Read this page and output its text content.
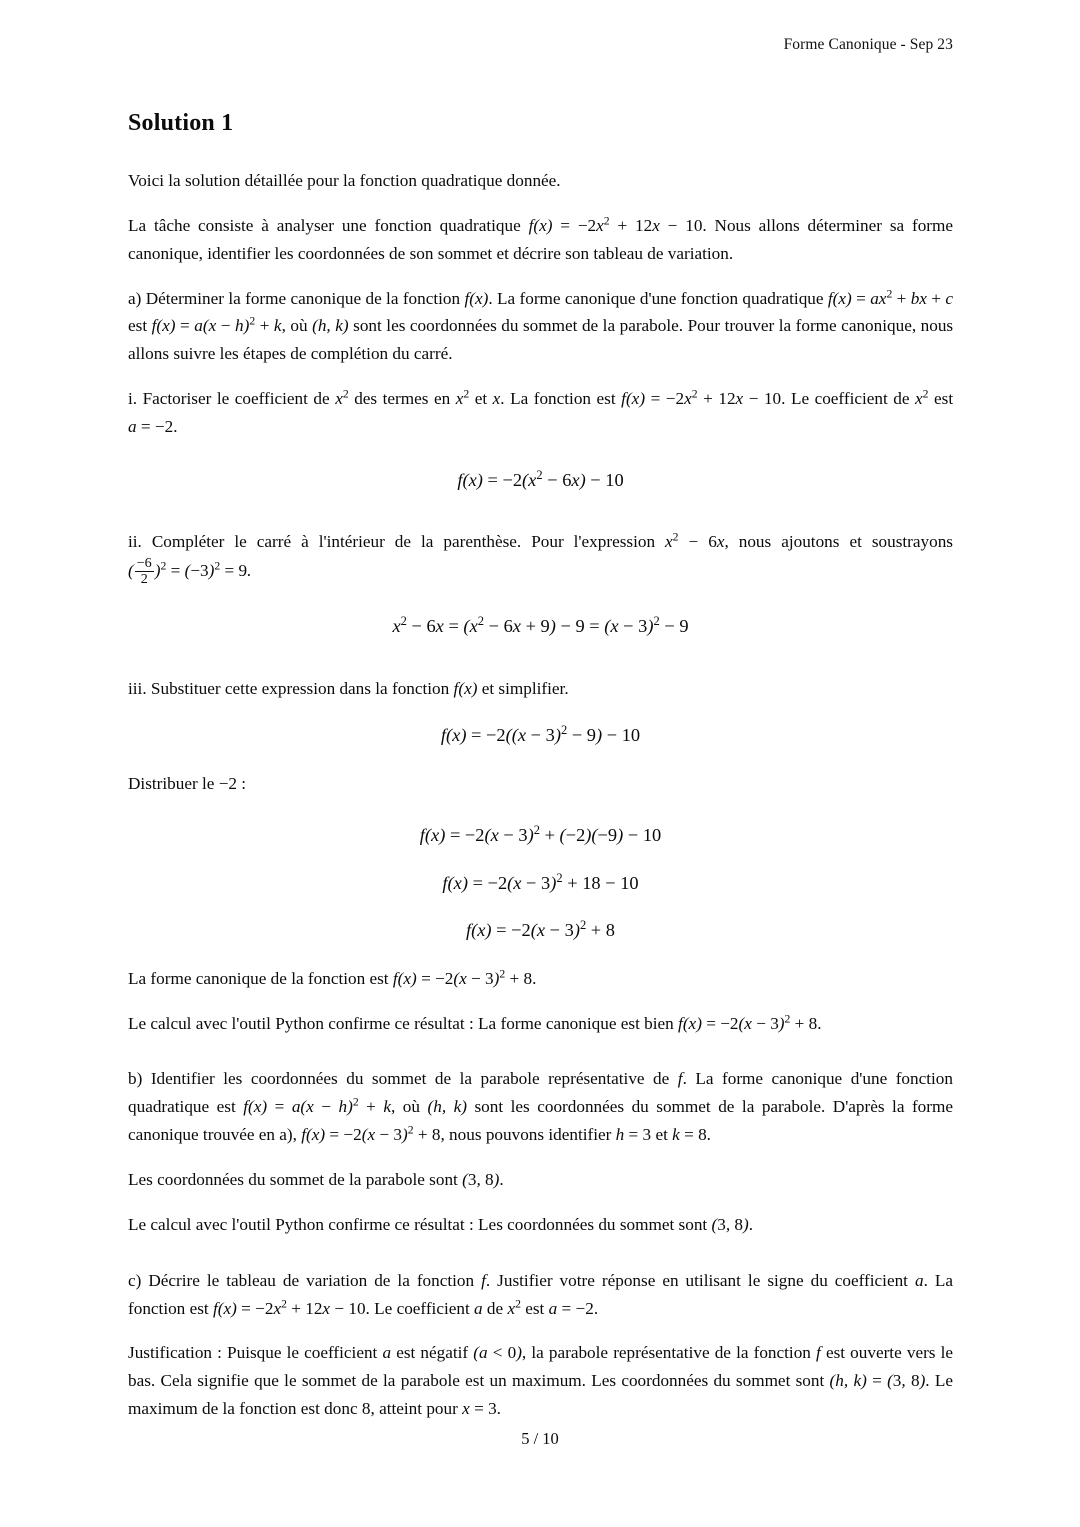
Forme Canonique - Sep 23
Solution 1

Voici la solution détaillée pour la fonction quadratique donnée.

La tâche consiste à analyser une fonction quadratique $f(x) = -2x^2 + 12x - 10$. Nous allons déterminer sa forme canonique, identifier les coordonnées de son sommet et décrire son tableau de variation.

a) Déterminer la forme canonique de la fonction f(x). La forme canonique d'une fonction quadratique $f(x) = ax^2$ + bx + c est $f(x) = a(x - h)^2 + k$, où (h, k) sont les coordonnées du sommet de la parabole. Pour trouver la forme canonique, nous allons suivre les étapes de complétion du carré.

i. Factoriser le coefficient de $x^2$ des termes en $x^2$ et x. La fonction est $f(x) = -2x^2 + 12x - 10$. Le coefficient de $x^2$ est a = −2.

$f(x) = -2(x^2 - 6x) - 10$

ii. Compléter le carré à l'intérieur de la parenthèse. Pour l'expression $x^2 - 6x$, nous ajoutons et soustrayons ( $\frac{-6}{2} )^2 = (-3)^2 = 9$.

$x^2 - 6x = (x^2 - 6x + 9) - 9 = (x - 3)^2 - 9$

iii. Substituer cette expression dans la fonction f(x) et simplifier.

$f(x) = -2((x - 3)^2 - 9) - 10$

Distribuer le −2 :

$f(x) = -2(x - 3)^2 + (-2)(-9) - 10$
$f(x) = -2(x - 3)^2 + 18 - 10$
$f(x) = -2(x - 3)^2 + 8$

La forme canonique de la fonction est $f(x) = -2(x - 3)^2 + 8$.

Le calcul avec l'outil Python confirme ce résultat : La forme canonique est bien $f(x) = -2(x - 3)^2 + 8$.

b) Identifier les coordonnées du sommet de la parabole représentative de f. La forme canonique d'une fonction quadratique est $f(x) = a(x - h)^2 + k$, où (h, k) sont les coordonnées du sommet de la parabole. D'après la forme canonique trouvée en a), $f(x) = -2(x - 3)^2 + 8$, nous pouvons identifier h = 3 et k = 8.

Les coordonnées du sommet de la parabole sont (3, 8).

Le calcul avec l'outil Python confirme ce résultat : Les coordonnées du sommet sont (3, 8).

c) Décrire le tableau de variation de la fonction f. Justifier votre réponse en utilisant le signe du coefficient a. La fonction est $f(x) = -2x^2 + 12x - 10$. Le coefficient a de $x^2$ est a = −2.

Justification : Puisque le coefficient a est négatif (a < 0), la parabole représentative de la fonction f est ouverte vers le bas. Cela signifie que le sommet de la parabole est un maximum. Les coordonnées du sommet sont (h, k) = (3, 8). Le maximum de la fonction est donc 8, atteint pour x = 3.

5 / 10
